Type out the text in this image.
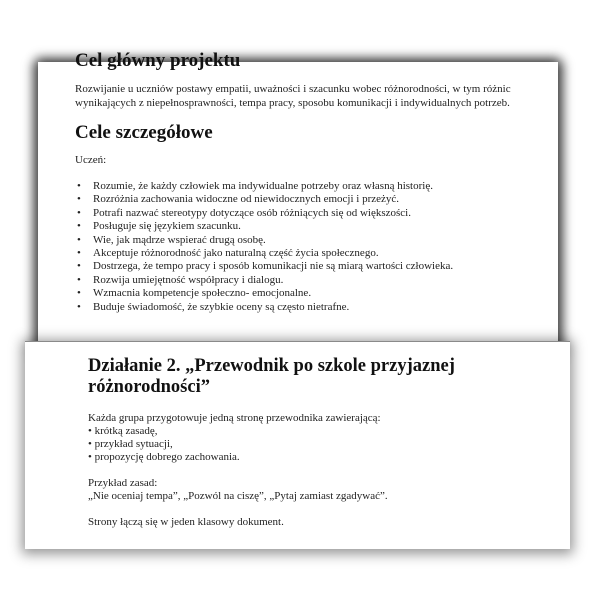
Cel główny projektu

Rozwijanie u uczniów postawy empatii, uważności i szacunku wobec różnorodności, w tym różnic wynikających z niepełnosprawności, tempa pracy, sposobu komunikacji i indywidualnych potrzeb.

Cele szczegółowe

Uczeń:

• Rozumie, że każdy człowiek ma indywidualne potrzeby oraz własną historię.
• Rozróżnia zachowania widoczne od niewidocznych emocji i przeżyć.
• Potrafi nazwać stereotypy dotyczące osób różniących się od większości.
• Posługuje się językiem szacunku.
• Wie, jak mądrze wspierać drugą osobę.
• Akceptuje różnorodność jako naturalną część życia społecznego.
• Dostrzega, że tempo pracy i sposób komunikacji nie są miarą wartości człowieka.
• Rozwija umiejętność współpracy i dialogu.
• Wzmacnia kompetencje społeczno- emocjonalne.
• Buduje świadomość, że szybkie oceny są często nietrafne.
Działanie 2. „Przewodnik po szkole przyjaznej
różnorodności”
Każda grupa przygotowuje jedną stronę przewodnika zawierającą:
• krótką zasadę,
• przykład sytuacji,
• propozycję dobrego zachowania.
Przykład zasad:
„Nie oceniaj tempa”, „Pozwól na ciszę”, „Pytaj zamiast zgadywać”.
Strony łączą się w jeden klasowy dokument.
